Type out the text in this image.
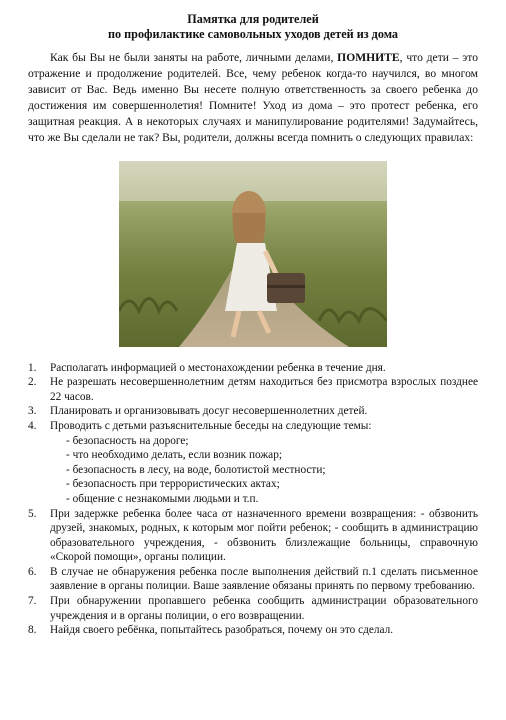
Памятка для родителей
по профилактике самовольных уходов детей из дома

Как бы Вы не были заняты на работе, личными делами, ПОМНИТЕ, что дети – это отражение и продолжение родителей. Все, чему ребенок когда-то научился, во многом зависит от Вас. Ведь именно Вы несете полную ответственность за своего ребенка до достижения им совершеннолетия! Помните! Уход из дома – это протест ребенка, его защитная реакция. А в некоторых случаях и манипулирование родителями! Задумайтесь, что же Вы сделали не так? Вы, родители, должны всегда помнить о следующих правилах:

1.	Располагать информацией о местонахождении ребенка в течение дня.
2.	Не разрешать несовершеннолетним детям находиться без присмотра взрослых позднее 22 часов.
3.	Планировать и организовывать досуг несовершеннолетних детей.
4.	Проводить с детьми разъяснительные беседы на следующие темы:
- безопасность на дороге;
- что необходимо делать, если возник пожар;
- безопасность в лесу, на воде, болотистой местности;
- безопасность при террористических актах;
- общение с незнакомыми людьми и т.п.
5.	При задержке ребенка более часа от назначенного времени возвращения: - обзвонить друзей, знакомых, родных, к которым мог пойти ребенок; - сообщить в администрацию образовательного учреждения, - обзвонить близлежащие больницы, справочную «Скорой помощи», органы полиции.
6.	В случае не обнаружения ребенка после выполнения действий п.1 сделать письменное заявление в органы полиции. Ваше заявление обязаны принять по первому требованию.
7.	При обнаружении пропавшего ребенка сообщить администрации образовательного учреждения и в органы полиции, о его возвращении.
8.	Найдя своего ребёнка, попытайтесь разобраться, почему он это сделал.
